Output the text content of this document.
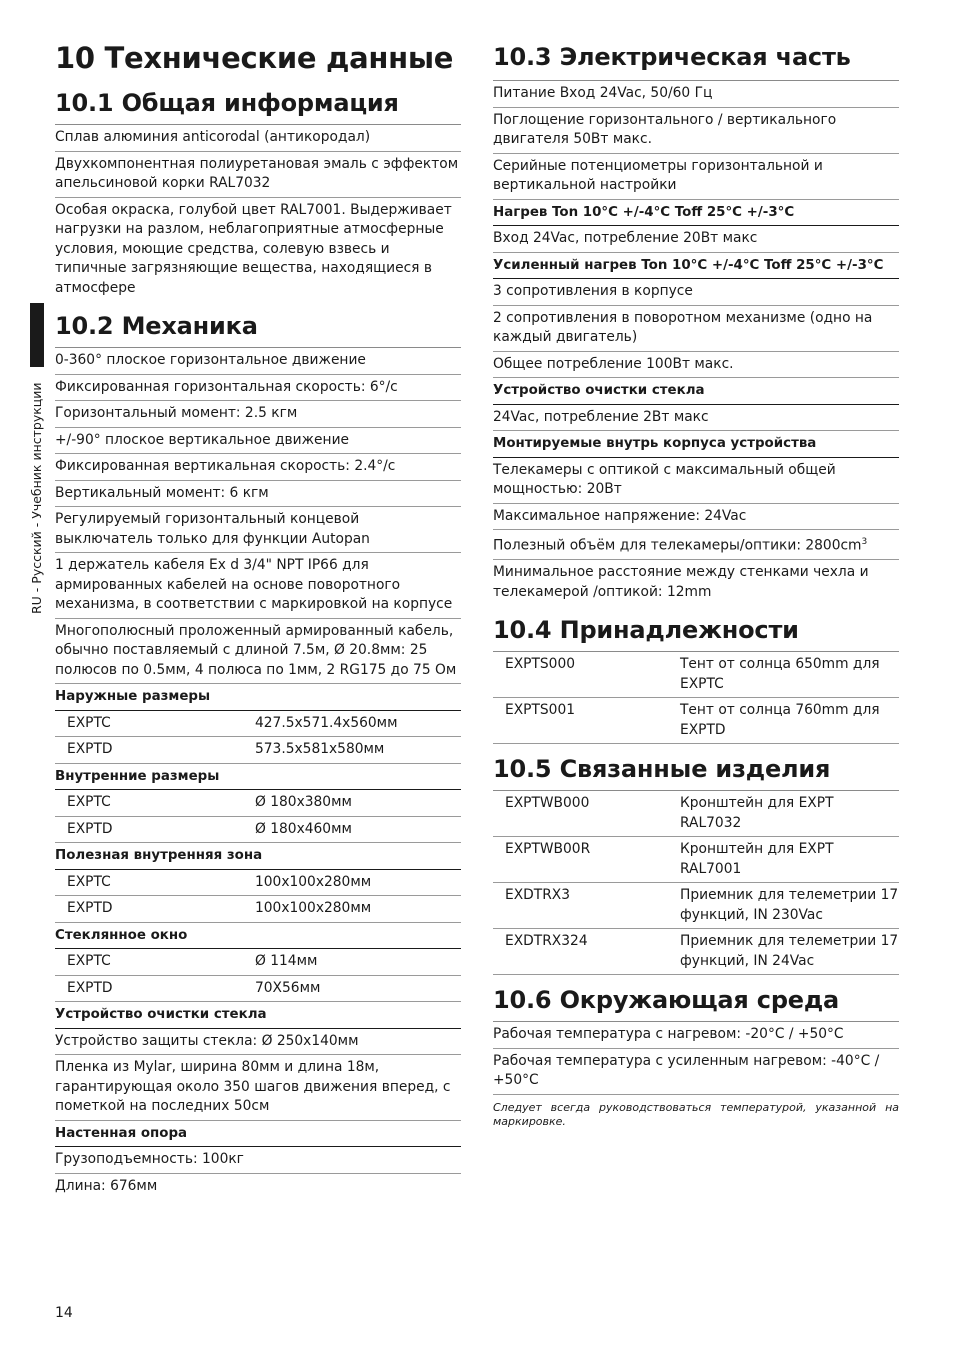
RU - Русский - Учебник инструкции
10 Технические данные
10.1 Общая информация
Сплав алюминия anticorodal (антикородал)
Двухкомпонентная полиуретановая эмаль с эффектом апельсиновой корки RAL7032
Особая окраска, голубой цвет RAL7001. Выдерживает нагрузки на разлом, неблагоприятные атмосферные условия, моющие средства, солевую взвесь и типичные загрязняющие вещества, находящиеся в атмосфере
10.2 Механика
0-360° плоское горизонтальное движение
Фиксированная горизонтальная скорость: 6°/c
Горизонтальный момент: 2.5 кгм
+/-90° плоское вертикальное движение
Фиксированная вертикальная скорость: 2.4°/c
Вертикальный момент: 6 кгм
Регулируемый горизонтальный концевой выключатель только для функции Autopan
1 держатель кабеля Ex d 3/4" NPT IP66 для армированных кабелей на основе поворотного механизма, в соответствии с маркировкой на корпусе
Многополюсный проложенный армированный кабель, обычно поставляемый с длиной 7.5м, Ø 20.8мм: 25 полюсов по 0.5мм, 4 полюса по 1мм, 2 RG175 до 75 Ом
Наружные размеры
EXPTC	427.5x571.4x560мм
EXPTD	573.5x581x580мм
Внутренние размеры
EXPTC	Ø 180x380мм
EXPTD	Ø 180x460мм
Полезная внутренняя зона
EXPTC	100x100x280мм
EXPTD	100x100x280мм
Стеклянное окно
EXPTC	Ø 114мм
EXPTD	70X56мм
Устройство очистки стекла
Устройство защиты стекла: Ø 250x140мм
Пленка из Mylar, ширина 80мм и длина 18м, гарантирующая около 350 шагов движения вперед, с пометкой на последних 50см
Настенная опора
Грузоподъемность: 100кг
Длина: 676мм
10.3 Электрическая часть
Питание Вход 24Vac, 50/60 Гц
Поглощение горизонтального / вертикального двигателя 50Вт макс.
Серийные потенциометры горизонтальной и вертикальной настройки
Нагрев Ton 10°C +/-4°C Toff 25°C +/-3°C
Вход 24Vac, потребление 20Вт макс
Усиленный нагрев Ton 10°C +/-4°C Toff 25°C +/-3°C
3 сопротивления в корпусе
2 сопротивления в поворотном механизме (одно на каждый двигатель)
Общее потребление 100Вт макс.
Устройство очистки стекла
24Vac, потребление 2Вт макс
Монтируемые внутрь корпуса устройства
Телекамеры с оптикой с максимальный общей мощностью: 20Вт
Максимальное напряжение: 24Vac
Полезный объём для телекамеры/оптики: $2800cm^3$
Минимальное расстояние между стенками чехла и телекамерой /оптикой: 12mm
10.4 Принадлежности
EXPTS000	Тент от солнца 650mm для EXPTC
EXPTS001	Тент от солнца 760mm для EXPTD
10.5 Связанные изделия
EXPTWB000	Кронштейн для EXPT RAL7032
EXPTWB00R	Кронштейн для EXPT RAL7001
EXDTRX3	Приемник для телеметрии 17 функций, IN 230Vac
EXDTRX324	Приемник для телеметрии 17 функций, IN 24Vac
10.6 Окружающая среда
Рабочая температура с нагревом: -20°C / +50°C
Рабочая температура с усиленным нагревом: -40°C / +50°C
Следует всегда руководствоваться температурой, указанной на маркировке.
14
